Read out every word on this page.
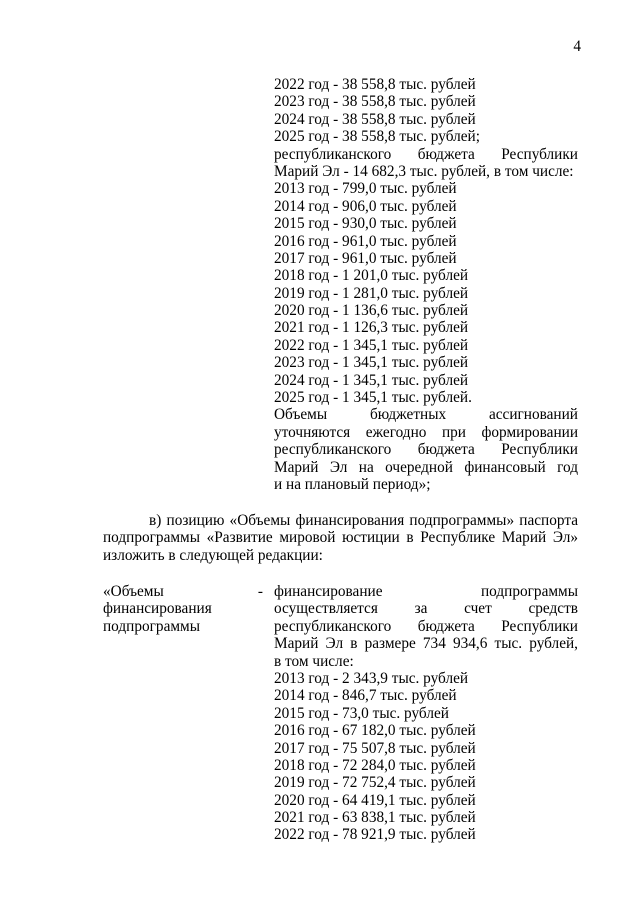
4
2022 год - 38 558,8 тыс. рублей
2023 год - 38 558,8 тыс. рублей
2024 год - 38 558,8 тыс. рублей
2025 год - 38 558,8 тыс. рублей;
республиканского бюджета Республики
Марий Эл - 14 682,3 тыс. рублей, в том числе:
2013 год - 799,0 тыс. рублей
2014 год - 906,0 тыс. рублей
2015 год - 930,0 тыс. рублей
2016 год - 961,0 тыс. рублей
2017 год - 961,0 тыс. рублей
2018 год - 1 201,0 тыс. рублей
2019 год - 1 281,0 тыс. рублей
2020 год - 1 136,6 тыс. рублей
2021 год - 1 126,3 тыс. рублей
2022 год - 1 345,1 тыс. рублей
2023 год - 1 345,1 тыс. рублей
2024 год - 1 345,1 тыс. рублей
2025 год - 1 345,1 тыс. рублей.
Объемы бюджетных ассигнований
уточняются ежегодно при формировании
республиканского бюджета Республики
Марий Эл на очередной финансовый год
и на плановый период»;
в) позицию «Объемы финансирования подпрограммы» паспорта
подпрограммы «Развитие мировой юстиции в Республике Марий Эл»
изложить в следующей редакции:
«Объемы	-
финансирования
подпрограммы
финансирование подпрограммы
осуществляется за счет средств
республиканского бюджета Республики
Марий Эл в размере 734 934,6 тыс. рублей,
в том числе:
2013 год - 2 343,9 тыс. рублей
2014 год - 846,7 тыс. рублей
2015 год - 73,0 тыс. рублей
2016 год - 67 182,0 тыс. рублей
2017 год - 75 507,8 тыс. рублей
2018 год - 72 284,0 тыс. рублей
2019 год - 72 752,4 тыс. рублей
2020 год - 64 419,1 тыс. рублей
2021 год - 63 838,1 тыс. рублей
2022 год - 78 921,9 тыс. рублей
